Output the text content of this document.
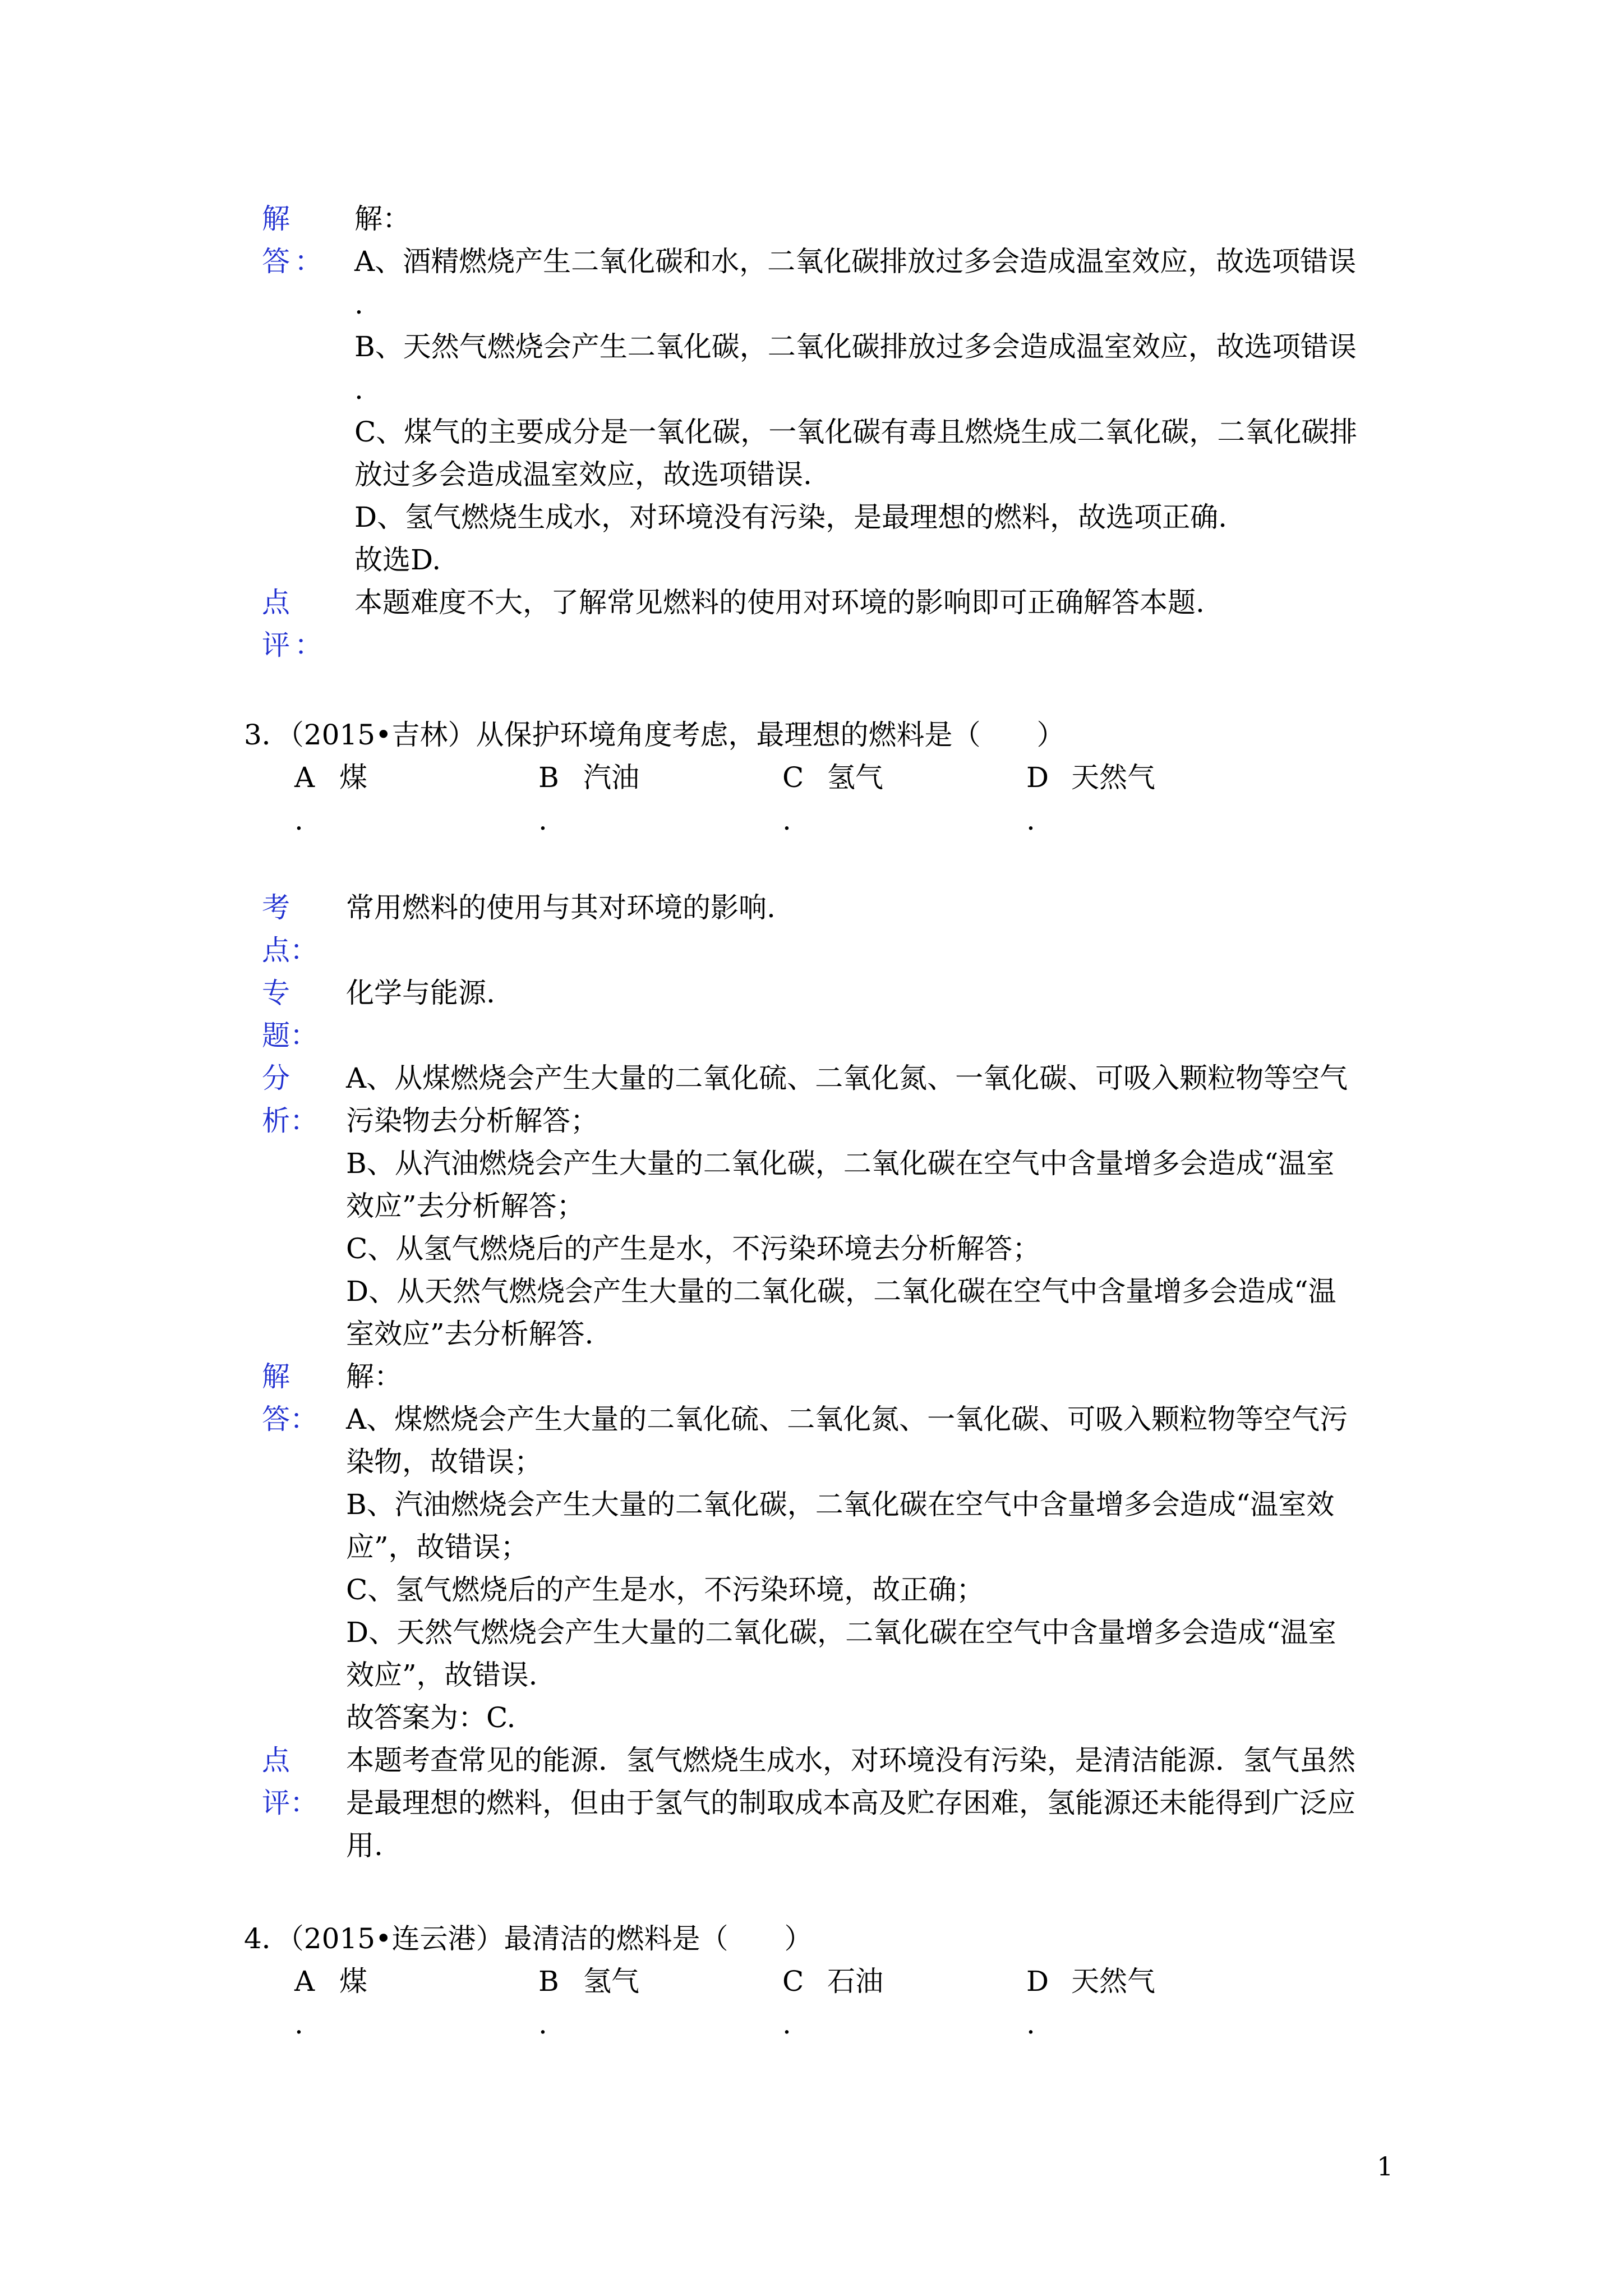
解答：

解：

A、酒精燃烧产生二氧化碳和水，二氧化碳排放过多会造成温室效应，故选项错误

.

B、天然气燃烧会产生二氧化碳，二氧化碳排放过多会造成温室效应，故选项错误

.

C、煤气的主要成分是一氧化碳，一氧化碳有毒且燃烧生成二氧化碳，二氧化碳排

放过多会造成温室效应，故选项错误.

D、氢气燃烧生成水，对环境没有污染，是最理想的燃料，故选项正确.

故选D.

点评：

本题难度不大，了解常见燃料的使用对环境的影响即可正确解答本题.

3．（2015•吉林）从保护环境角度考虑，最理想的燃料是（　　）

A 煤
.
B 汽油
.
C 氢气
.
D 天然气
.
考点：

常用燃料的使用与其对环境的影响.

专题：

化学与能源.

分析：

A、从煤燃烧会产生大量的二氧化硫、二氧化氮、一氧化碳、可吸入颗粒物等空气

污染物去分析解答；

B、从汽油燃烧会产生大量的二氧化碳，二氧化碳在空气中含量增多会造成“温室

效应”去分析解答；

C、从氢气燃烧后的产生是水，不污染环境去分析解答；

D、从天然气燃烧会产生大量的二氧化碳，二氧化碳在空气中含量增多会造成“温

室效应”去分析解答.

解答：

解：

A、煤燃烧会产生大量的二氧化硫、二氧化氮、一氧化碳、可吸入颗粒物等空气污

染物，故错误；

B、汽油燃烧会产生大量的二氧化碳，二氧化碳在空气中含量增多会造成“温室效

应”，故错误；

C、氢气燃烧后的产生是水，不污染环境，故正确；

D、天然气燃烧会产生大量的二氧化碳，二氧化碳在空气中含量增多会造成“温室

效应”，故错误.

故答案为：C.

点评：

本题考查常见的能源．氢气燃烧生成水，对环境没有污染，是清洁能源．氢气虽然

是最理想的燃料，但由于氢气的制取成本高及贮存困难，氢能源还未能得到广泛应

用.

4．（2015•连云港）最清洁的燃料是（　　）

A 煤
.
B 氢气
.
C 石油
.
D 天然气
.
1
